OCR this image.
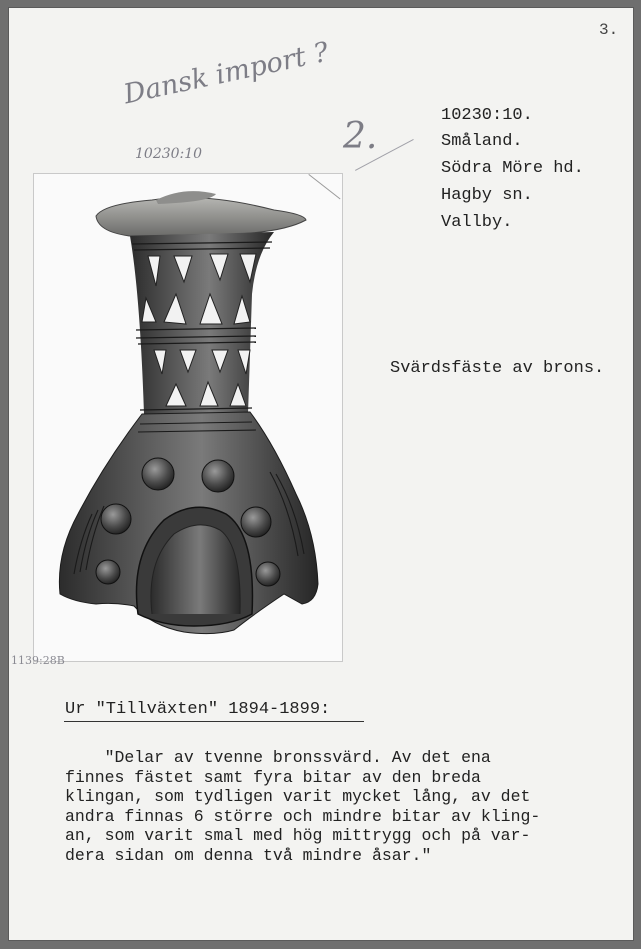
3.
Dansk import ?
2.
10230:10
1139:28B
10230:10.
Småland.
Södra Möre hd.
Hagby sn.
Vallby.
Svärdsfäste av brons.
Ur "Tillväxten" 1894-1899:
"Delar av tvenne bronssvärd. Av det ena
finnes fästet samt fyra bitar av den breda
klingan, som tydligen varit mycket lång, av det
andra finnas 6 större och mindre bitar av kling-
an, som varit smal med hög mittrygg och på var-
dera sidan om denna två mindre åsar."
